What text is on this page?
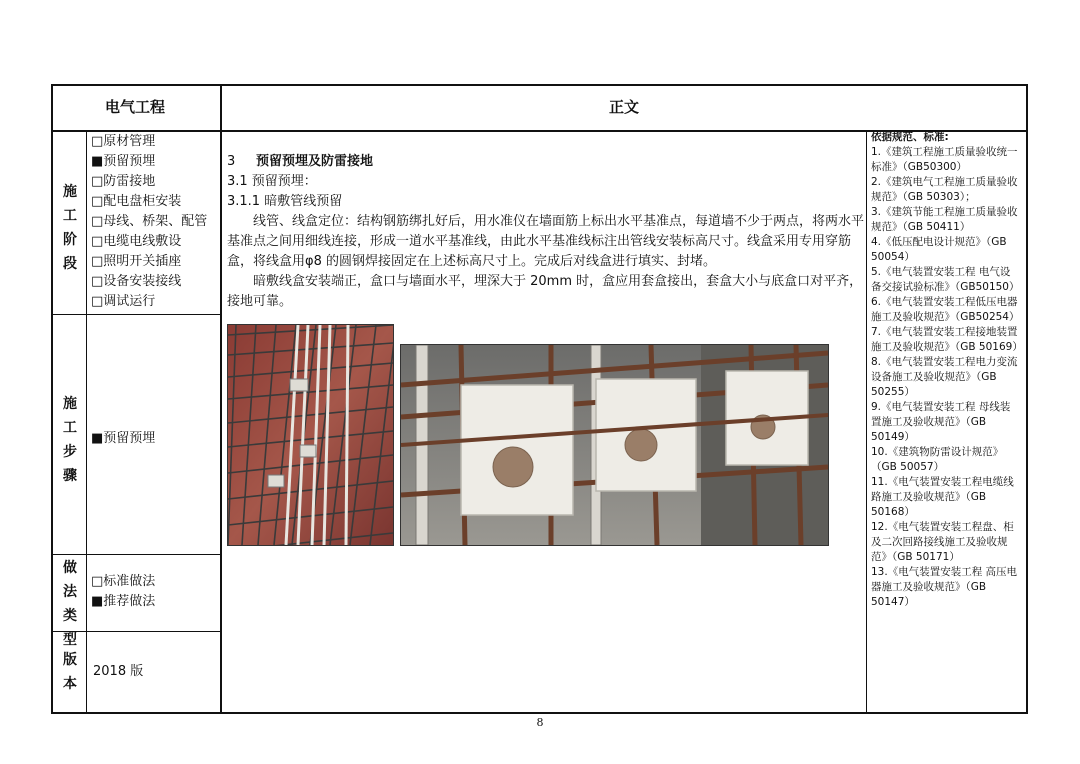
电气工程	正文
施
工
阶
段
施
工
步
骤
做
法
类
型
版
本
□原材管理
■预留预埋
□防雷接地
□配电盘柜安装
□母线、桥架、配管
□电缆电线敷设
□照明开关插座
□设备安装接线
□调试运行
■预留预埋
□标准做法
■推荐做法
2018 版

3 预留预埋及防雷接地

3.1 预留预埋：

3.1.1 暗敷管线预留

线管、线盒定位：结构钢筋绑扎好后，用水准仪在墙面筋上标出水平基准点，每道墙不少于两点，将两水平基准点之间用细线连接，形成一道水平基准线，由此水平基准线标注出管线安装标高尺寸。线盒采用专用穿筋盒，将线盒用φ8 的圆钢焊接固定在上述标高尺寸上。完成后对线盒进行填实、封堵。

暗敷线盒安装端正，盒口与墙面水平，埋深大于 20mm 时，盒应用套盒接出，套盒大小与底盒口对平齐，接地可靠。

依据规范、标准:

1.《建筑工程施工质量验收统一标准》（GB50300）

2.《建筑电气工程施工质量验收规范》（GB 50303）；

3.《建筑节能工程施工质量验收规范》（GB 50411）

4.《低压配电设计规范》（GB 50054）

5.《电气装置安装工程 电气设备交接试验标准》（GB50150）

6.《电气装置安装工程低压电器施工及验收规范》（GB50254）

7.《电气装置安装工程接地装置施工及验收规范》（GB 50169）

8.《电气装置安装工程电力变流设备施工及验收规范》（GB 50255）

9.《电气装置安装工程 母线装置施工及验收规范》（GB 50149）

10.《建筑物防雷设计规范》（GB 50057）

11.《电气装置安装工程电缆线路施工及验收规范》（GB 50168）

12.《电气装置安装工程盘、柜及二次回路接线施工及验收规范》（GB 50171）

13.《电气装置安装工程 高压电器施工及验收规范》（GB 50147）

8
